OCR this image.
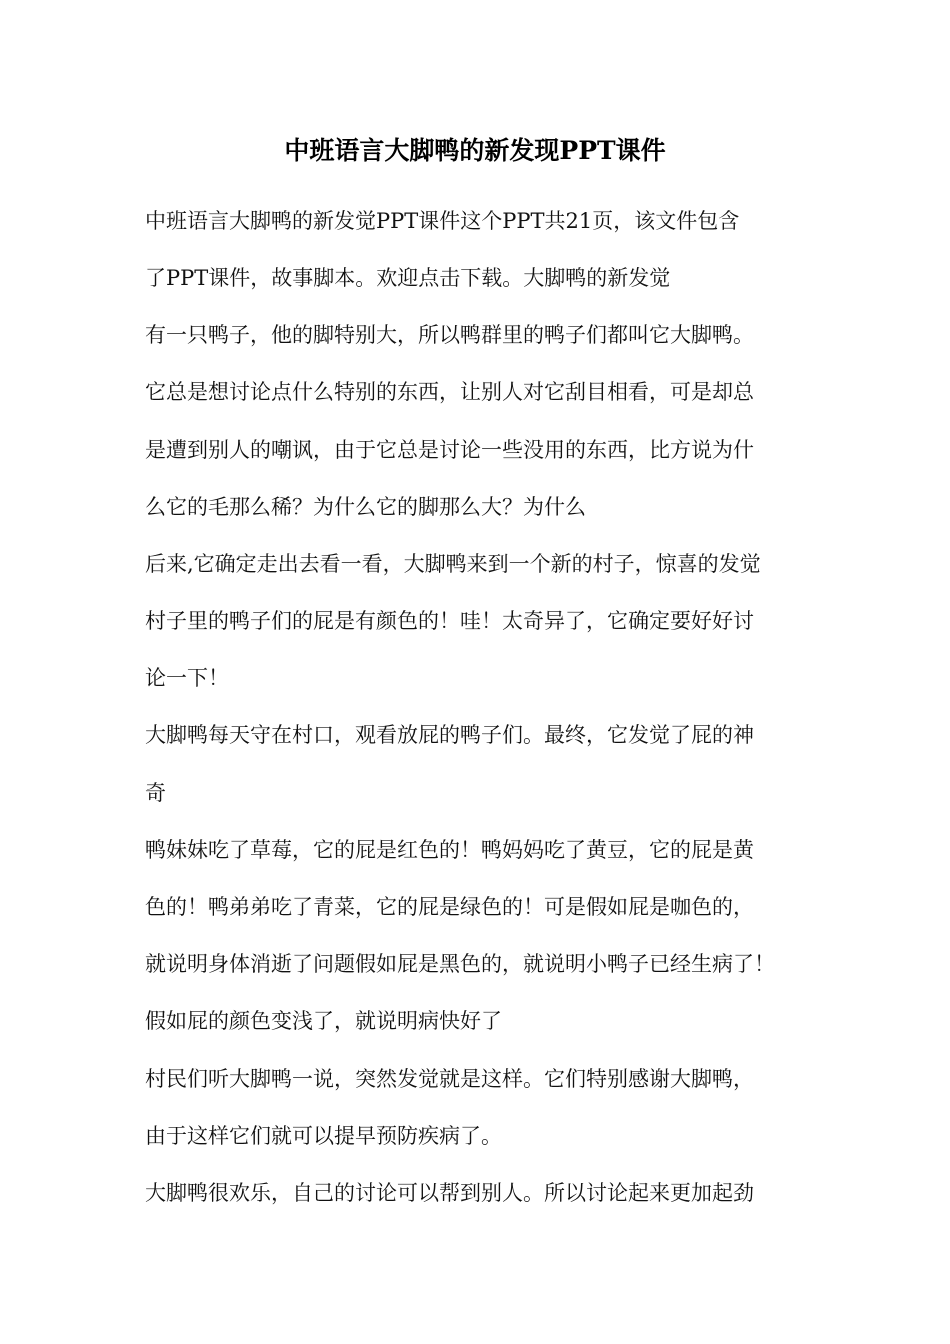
中班语言大脚鸭的新发现PPT课件

中班语言大脚鸭的新发觉PPT课件这个PPT共21页，该文件包含

了PPT课件，故事脚本。欢迎点击下载。大脚鸭的新发觉

有一只鸭子，他的脚特别大，所以鸭群里的鸭子们都叫它大脚鸭。

它总是想讨论点什么特别的东西，让别人对它刮目相看，可是却总

是遭到别人的嘲讽，由于它总是讨论一些没用的东西，比方说为什

么它的毛那么稀？为什么它的脚那么大？为什么

后来,它确定走出去看一看，大脚鸭来到一个新的村子，惊喜的发觉

村子里的鸭子们的屁是有颜色的！哇！太奇异了，它确定要好好讨

论一下！

大脚鸭每天守在村口，观看放屁的鸭子们。最终，它发觉了屁的神

奇

鸭妹妹吃了草莓，它的屁是红色的！鸭妈妈吃了黄豆，它的屁是黄

色的！鸭弟弟吃了青菜，它的屁是绿色的！可是假如屁是咖色的，

就说明身体消逝了问题假如屁是黑色的，就说明小鸭子已经生病了！

假如屁的颜色变浅了，就说明病快好了

村民们听大脚鸭一说，突然发觉就是这样。它们特别感谢大脚鸭，

由于这样它们就可以提早预防疾病了。

大脚鸭很欢乐，自己的讨论可以帮到别人。所以讨论起来更加起劲
